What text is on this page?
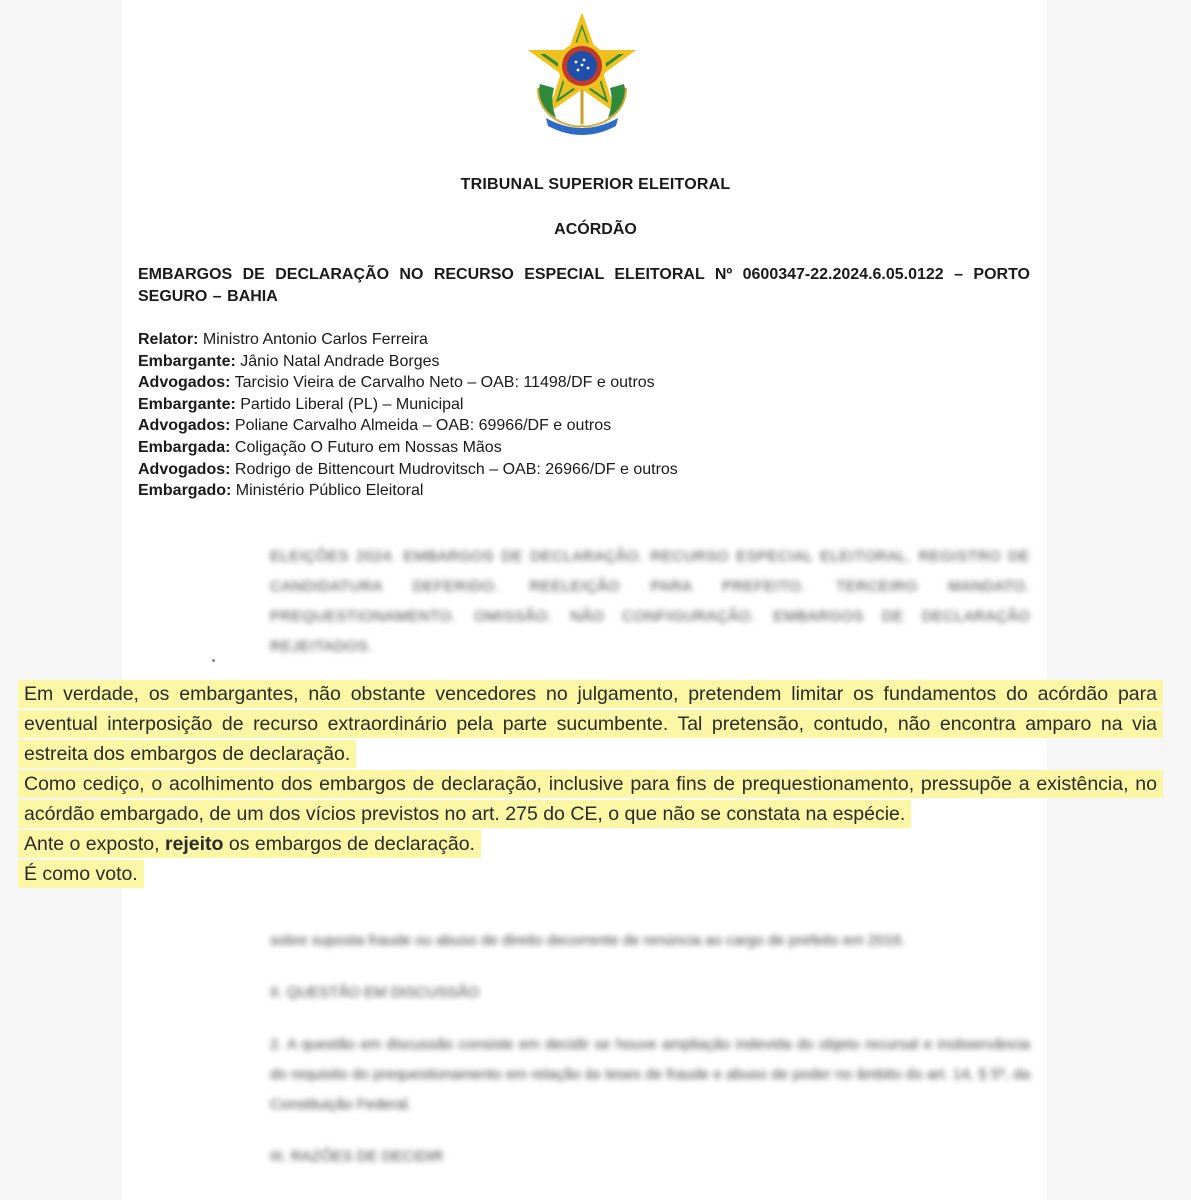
TRIBUNAL SUPERIOR ELEITORAL
ACÓRDÃO
EMBARGOS DE DECLARAÇÃO NO RECURSO ESPECIAL ELEITORAL Nº 0600347-22.2024.6.05.0122 – PORTO SEGURO – BAHIA
Relator: Ministro Antonio Carlos Ferreira
Embargante: Jânio Natal Andrade Borges
Advogados: Tarcisio Vieira de Carvalho Neto – OAB: 11498/DF e outros
Embargante: Partido Liberal (PL) – Municipal
Advogados: Poliane Carvalho Almeida – OAB: 69966/DF e outros
Embargada: Coligação O Futuro em Nossas Mãos
Advogados: Rodrigo de Bittencourt Mudrovitsch – OAB: 26966/DF e outros
Embargado: Ministério Público Eleitoral
ELEIÇÕES 2024. EMBARGOS DE DECLARAÇÃO. RECURSO ESPECIAL ELEITORAL. REGISTRO DE CANDIDATURA DEFERIDO. REELEIÇÃO PARA PREFEITO. TERCEIRO MANDATO. PREQUESTIONAMENTO. OMISSÃO. NÃO CONFIGURAÇÃO. EMBARGOS DE DECLARAÇÃO REJEITADOS.

Em verdade, os embargantes, não obstante vencedores no julgamento, pretendem limitar os fundamentos do acórdão para eventual interposição de recurso extraordinário pela parte sucumbente. Tal pretensão, contudo, não encontra amparo na via estreita dos embargos de declaração.

Como cediço, o acolhimento dos embargos de declaração, inclusive para fins de prequestionamento, pressupõe a existência, no acórdão embargado, de um dos vícios previstos no art. 275 do CE, o que não se constata na espécie.

Ante o exposto, rejeito os embargos de declaração.

É como voto.

sobre suposta fraude ou abuso de direito decorrente de renúncia ao cargo de prefeito em 2016.

II. QUESTÃO EM DISCUSSÃO

2. A questão em discussão consiste em decidir se houve ampliação indevida do objeto recursal e inobservância do requisito do prequestionamento em relação às teses de fraude e abuso de poder no âmbito do art. 14, § 5º, da Constituição Federal.

III. RAZÕES DE DECIDIR
